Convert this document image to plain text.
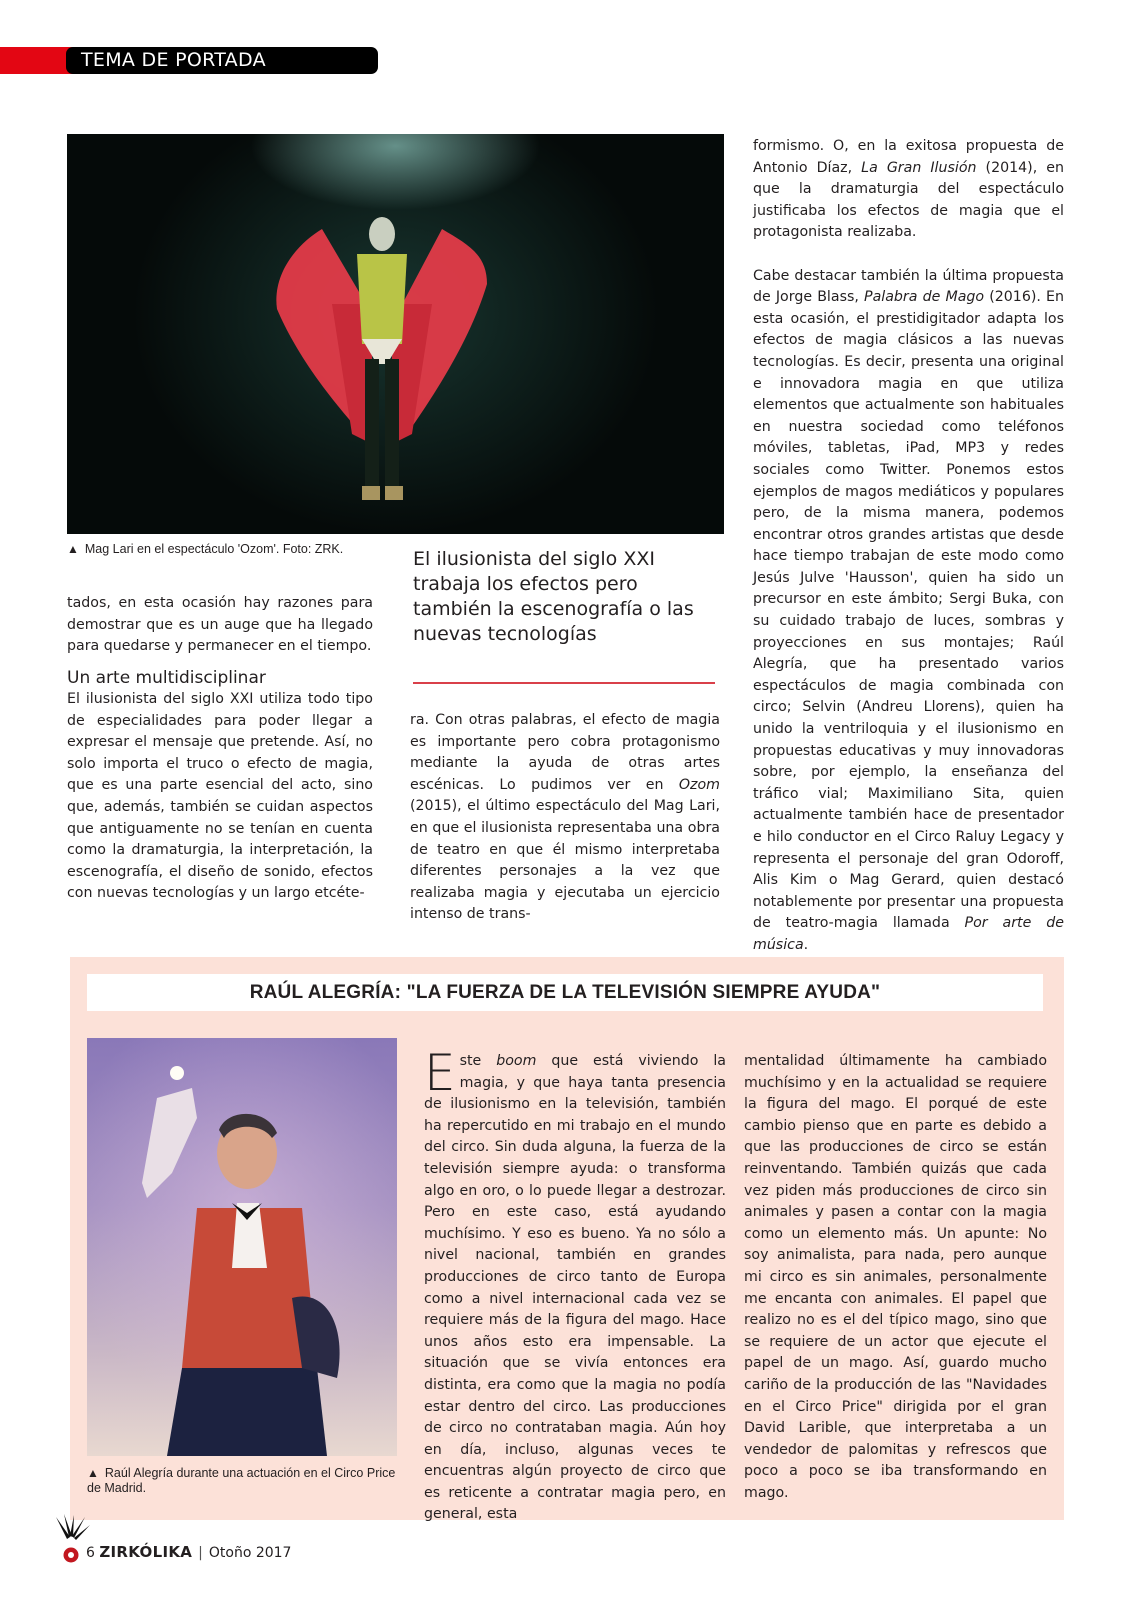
TEMA DE PORTADA
▲ Mag Lari en el espectáculo 'Ozom'. Foto: ZRK.

tados, en esta ocasión hay razones para demostrar que es un auge que ha llegado para quedarse y permanecer en el tiempo.

Un arte multidisciplinar

El ilusionista del siglo XXI utiliza todo tipo de especialidades para poder llegar a expresar el mensaje que pretende. Así, no solo importa el truco o efecto de magia, que es una parte esencial del acto, sino que, además, también se cuidan aspectos que antiguamente no se tenían en cuenta como la dramaturgia, la interpretación, la escenografía, el diseño de sonido, efectos con nuevas tecnologías y un largo etcéte-

El ilusionista del siglo XXI trabaja los efectos pero también la escenografía o las nuevas tecnologías

ra. Con otras palabras, el efecto de magia es importante pero cobra protagonismo mediante la ayuda de otras artes escénicas. Lo pudimos ver en Ozom (2015), el último espectáculo del Mag Lari, en que el ilusionista representaba una obra de teatro en que él mismo interpretaba diferentes personajes a la vez que realizaba magia y ejecutaba un ejercicio intenso de trans-

formismo. O, en la exitosa propuesta de Antonio Díaz, La Gran Ilusión (2014), en que la dramaturgia del espectáculo justificaba los efectos de magia que el protagonista realizaba.

Cabe destacar también la última propuesta de Jorge Blass, Palabra de Mago (2016). En esta ocasión, el prestidigitador adapta los efectos de magia clásicos a las nuevas tecnologías. Es decir, presenta una original e innovadora magia en que utiliza elementos que actualmente son habituales en nuestra sociedad como teléfonos móviles, tabletas, iPad, MP3 y redes sociales como Twitter. Ponemos estos ejemplos de magos mediáticos y populares pero, de la misma manera, podemos encontrar otros grandes artistas que desde hace tiempo trabajan de este modo como Jesús Julve 'Hausson', quien ha sido un precursor en este ámbito; Sergi Buka, con su cuidado trabajo de luces, sombras y proyecciones en sus montajes; Raúl Alegría, que ha presentado varios espectáculos de magia combinada con circo; Selvin (Andreu Llorens), quien ha unido la ventriloquia y el ilusionismo en propuestas educativas y muy innovadoras sobre, por ejemplo, la enseñanza del tráfico vial; Maximiliano Sita, quien actualmente también hace de presentador e hilo conductor en el Circo Raluy Legacy y representa el personaje del gran Odoroff, Alis Kim o Mag Gerard, quien destacó notablemente por presentar una propuesta de teatro-magia llamada Por arte de música.

RAÚL ALEGRÍA: "LA FUERZA DE LA TELEVISIÓN SIEMPRE AYUDA"
▲ Raúl Alegría durante una actuación en el Circo Price de Madrid.

Este boom que está viviendo la magia, y que haya tanta presencia de ilusionismo en la televisión, también ha repercutido en mi trabajo en el mundo del circo. Sin duda alguna, la fuerza de la televisión siempre ayuda: o transforma algo en oro, o lo puede llegar a destrozar. Pero en este caso, está ayudando muchísimo. Y eso es bueno. Ya no sólo a nivel nacional, también en grandes producciones de circo tanto de Europa como a nivel internacional cada vez se requiere más de la figura del mago. Hace unos años esto era impensable. La situación que se vivía entonces era distinta, era como que la magia no podía estar dentro del circo. Las producciones de circo no contrataban magia. Aún hoy en día, incluso, algunas veces te encuentras algún proyecto de circo que es reticente a contratar magia pero, en general, esta

mentalidad últimamente ha cambiado muchísimo y en la actualidad se requiere la figura del mago. El porqué de este cambio pienso que en parte es debido a que las producciones de circo se están reinventando. También quizás que cada vez piden más producciones de circo sin animales y pasen a contar con la magia como un elemento más. Un apunte: No soy animalista, para nada, pero aunque mi circo es sin animales, personalmente me encanta con animales. El papel que realizo no es el del típico mago, sino que se requiere de un actor que ejecute el papel de un mago. Así, guardo mucho cariño de la producción de las "Navidades en el Circo Price" dirigida por el gran David Larible, que interpretaba a un vendedor de palomitas y refrescos que poco a poco se iba transformando en mago.

6 ZIRKÓLIKA | Otoño 2017
